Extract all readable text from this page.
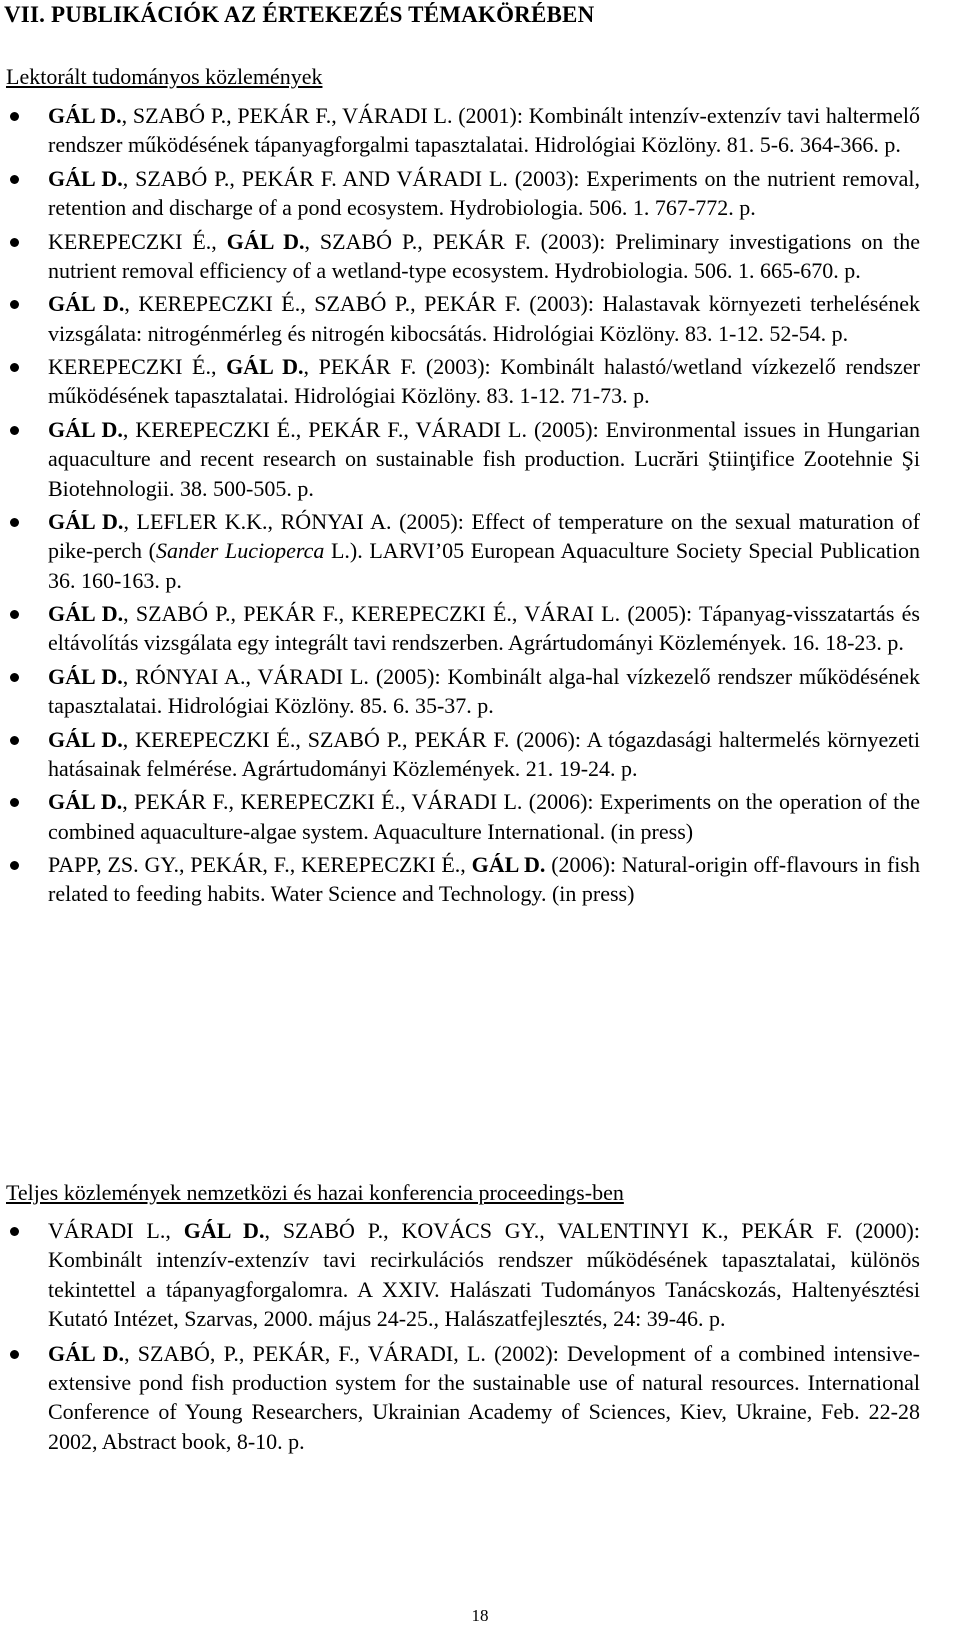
VII. PUBLIKÁCIÓK AZ ÉRTEKEZÉS TÉMAKÖRÉBEN
Lektorált tudományos közlemények
GÁL D., SZABÓ P., PEKÁR F., VÁRADI L. (2001): Kombinált intenzív-extenzív tavi haltermelő rendszer működésének tápanyagforgalmi tapasztalatai. Hidrológiai Közlöny. 81. 5-6. 364-366. p.
GÁL D., SZABÓ P., PEKÁR F. AND VÁRADI L. (2003): Experiments on the nutrient removal, retention and discharge of a pond ecosystem. Hydrobiologia. 506. 1. 767-772. p.
KEREPECZKI É., GÁL D., SZABÓ P., PEKÁR F. (2003): Preliminary investigations on the nutrient removal efficiency of a wetland-type ecosystem. Hydrobiologia. 506. 1. 665-670. p.
GÁL D., KEREPECZKI É., SZABÓ P., PEKÁR F. (2003): Halastavak környezeti terhelésének vizsgálata: nitrogénmérleg és nitrogén kibocsátás. Hidrológiai Közlöny. 83. 1-12. 52-54. p.
KEREPECZKI É., GÁL D., PEKÁR F. (2003): Kombinált halastó/wetland vízkezelő rendszer működésének tapasztalatai. Hidrológiai Közlöny. 83. 1-12. 71-73. p.
GÁL D., KEREPECZKI É., PEKÁR F., VÁRADI L. (2005): Environmental issues in Hungarian aquaculture and recent research on sustainable fish production. Lucrări Ştiinţifice Zootehnie Şi Biotehnologii. 38. 500-505. p.
GÁL D., LEFLER K.K., RÓNYAI A. (2005): Effect of temperature on the sexual maturation of pike-perch (Sander Lucioperca L.). LARVI’05 European Aquaculture Society Special Publication 36. 160-163. p.
GÁL D., SZABÓ P., PEKÁR F., KEREPECZKI É., VÁRAI L. (2005): Tápanyag-visszatartás és eltávolítás vizsgálata egy integrált tavi rendszerben. Agrártudományi Közlemények. 16. 18-23. p.
GÁL D., RÓNYAI A., VÁRADI L. (2005): Kombinált alga-hal vízkezelő rendszer működésének tapasztalatai. Hidrológiai Közlöny. 85. 6. 35-37. p.
GÁL D., KEREPECZKI É., SZABÓ P., PEKÁR F. (2006): A tógazdasági haltermelés környezeti hatásainak felmérése. Agrártudományi Közlemények. 21. 19-24. p.
GÁL D., PEKÁR F., KEREPECZKI É., VÁRADI L. (2006): Experiments on the operation of the combined aquaculture-algae system. Aquaculture International. (in press)
PAPP, ZS. GY., PEKÁR, F., KEREPECZKI É., GÁL D. (2006): Natural-origin off-flavours in fish related to feeding habits. Water Science and Technology. (in press)
Teljes közlemények nemzetközi és hazai konferencia proceedings-ben
VÁRADI L., GÁL D., SZABÓ P., KOVÁCS GY., VALENTINYI K., PEKÁR F. (2000): Kombinált intenzív-extenzív tavi recirkulációs rendszer működésének tapasztalatai, különös tekintettel a tápanyagforgalomra. A XXIV. Halászati Tudományos Tanácskozás, Haltenyésztési Kutató Intézet, Szarvas, 2000. május 24-25., Halászatfejlesztés, 24: 39-46. p.
GÁL D., SZABÓ, P., PEKÁR, F., VÁRADI, L. (2002): Development of a combined intensive-extensive pond fish production system for the sustainable use of natural resources. International Conference of Young Researchers, Ukrainian Academy of Sciences, Kiev, Ukraine, Feb. 22-28 2002, Abstract book, 8-10. p.
18
